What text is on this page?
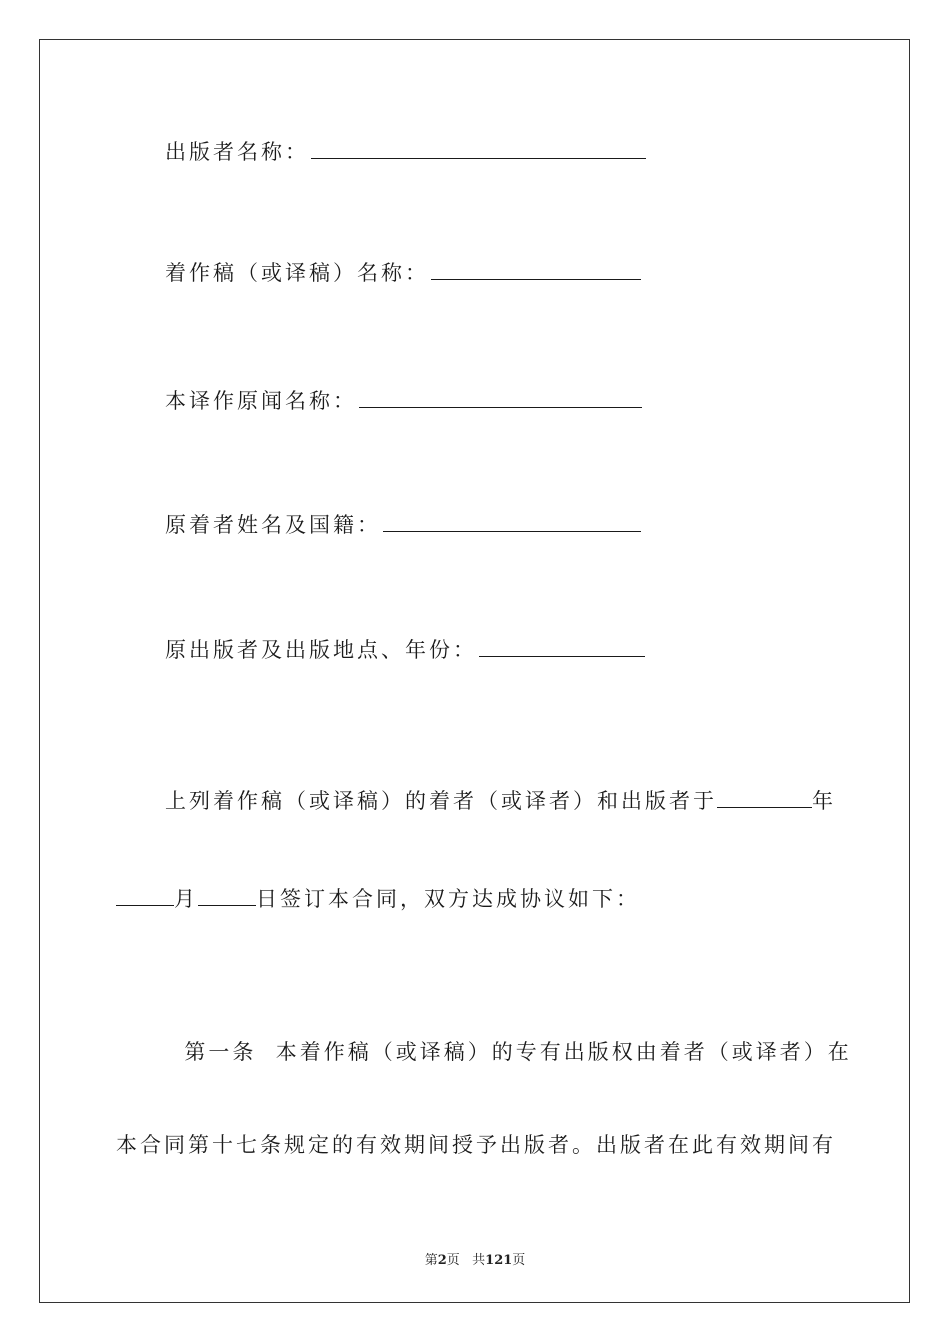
出版者名称：
着作稿（或译稿）名称：
本译作原闻名称：
原着者姓名及国籍：
原出版者及出版地点、年份：
上列着作稿（或译稿）的着者（或译者）和出版者于	年
月	日签订本合同，双方达成协议如下：

第一条  本着作稿（或译稿）的专有出版权由着者（或译者）在

本合同第十七条规定的有效期间授予出版者。出版者在此有效期间有
第2页   共121页
